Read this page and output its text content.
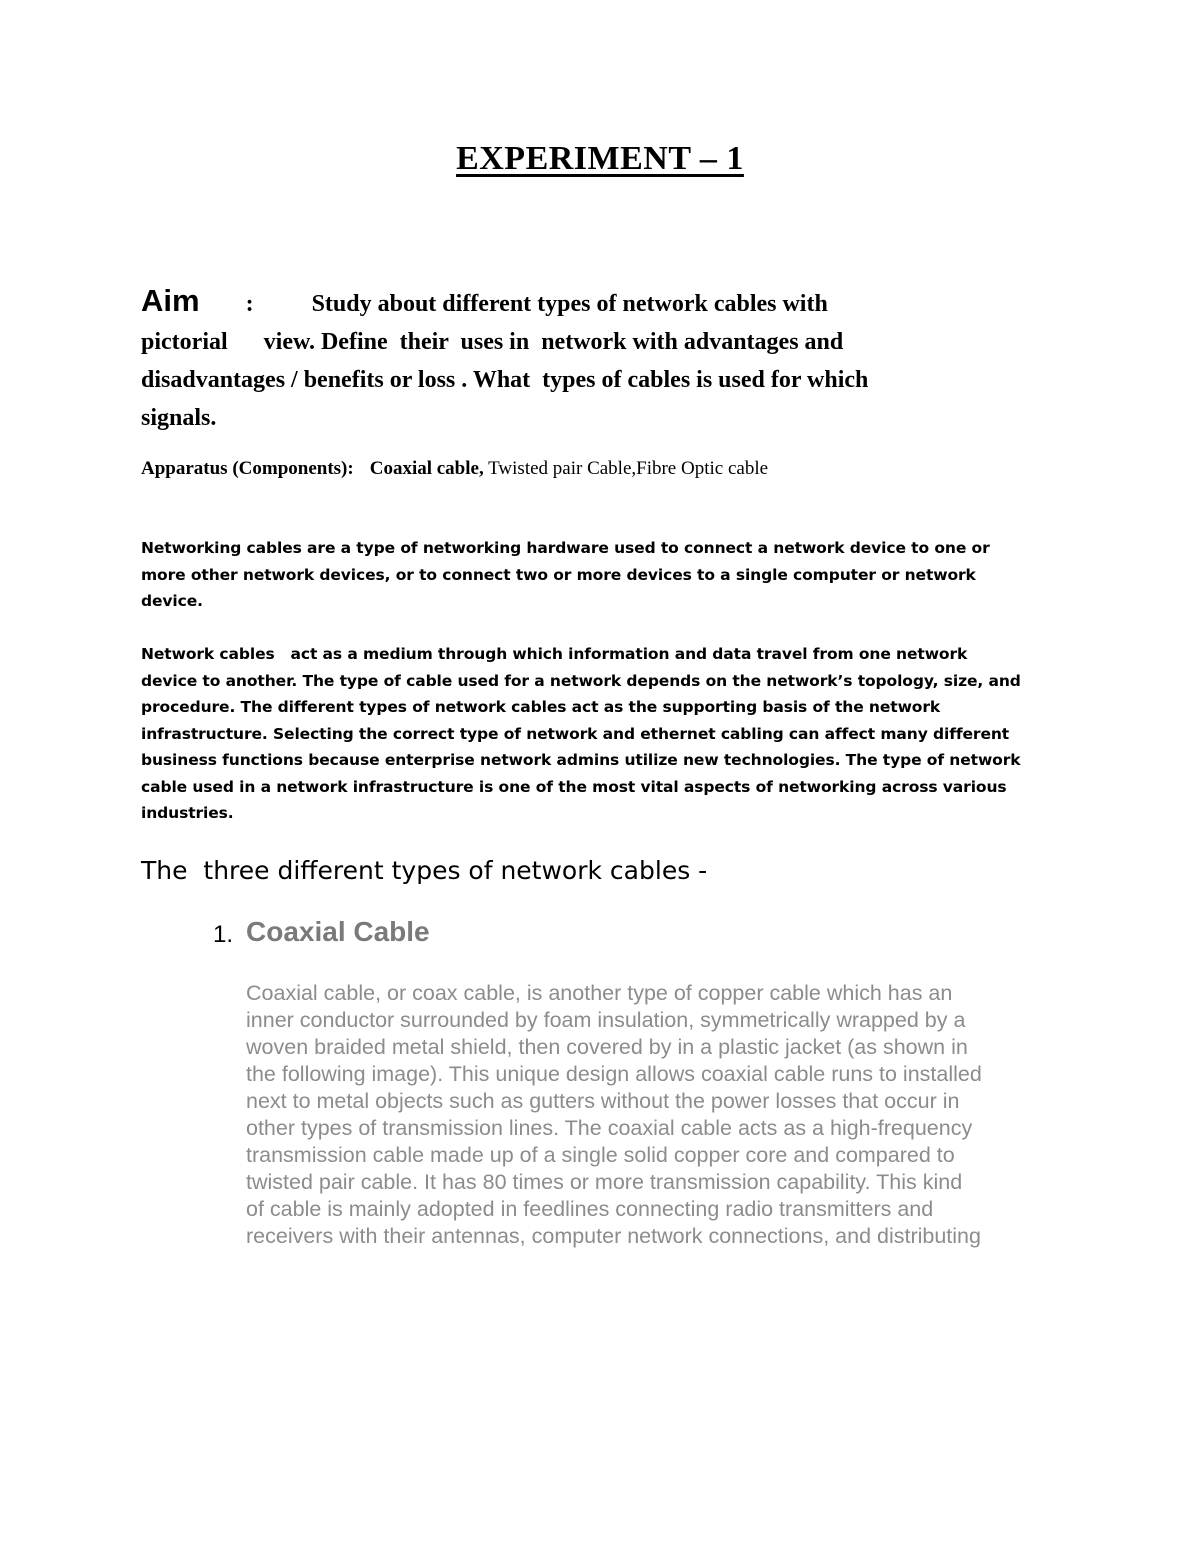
EXPERIMENT – 1
Aim : Study about different types of network cables with
pictorial      view. Define  their  uses in  network with advantages and
disadvantages / benefits or loss . What  types of cables is used for which
signals.
Apparatus (Components): Coaxial cable, Twisted pair Cable,Fibre Optic cable
Networking cables are a type of networking hardware used to connect a network device to one or
more other network devices, or to connect two or more devices to a single computer or network
device.
Network cables   act as a medium through which information and data travel from one network
device to another. The type of cable used for a network depends on the network’s topology, size, and
procedure. The different types of network cables act as the supporting basis of the network
infrastructure. Selecting the correct type of network and ethernet cabling can affect many different
business functions because enterprise network admins utilize new technologies. The type of network
cable used in a network infrastructure is one of the most vital aspects of networking across various
industries.
The  three different types of network cables -
1. Coaxial Cable
Coaxial cable, or coax cable, is another type of copper cable which has an
inner conductor surrounded by foam insulation, symmetrically wrapped by a
woven braided metal shield, then covered by in a plastic jacket (as shown in
the following image). This unique design allows coaxial cable runs to installed
next to metal objects such as gutters without the power losses that occur in
other types of transmission lines. The coaxial cable acts as a high-frequency
transmission cable made up of a single solid copper core and compared to
twisted pair cable. It has 80 times or more transmission capability. This kind
of cable is mainly adopted in feedlines connecting radio transmitters and
receivers with their antennas, computer network connections, and distributing
